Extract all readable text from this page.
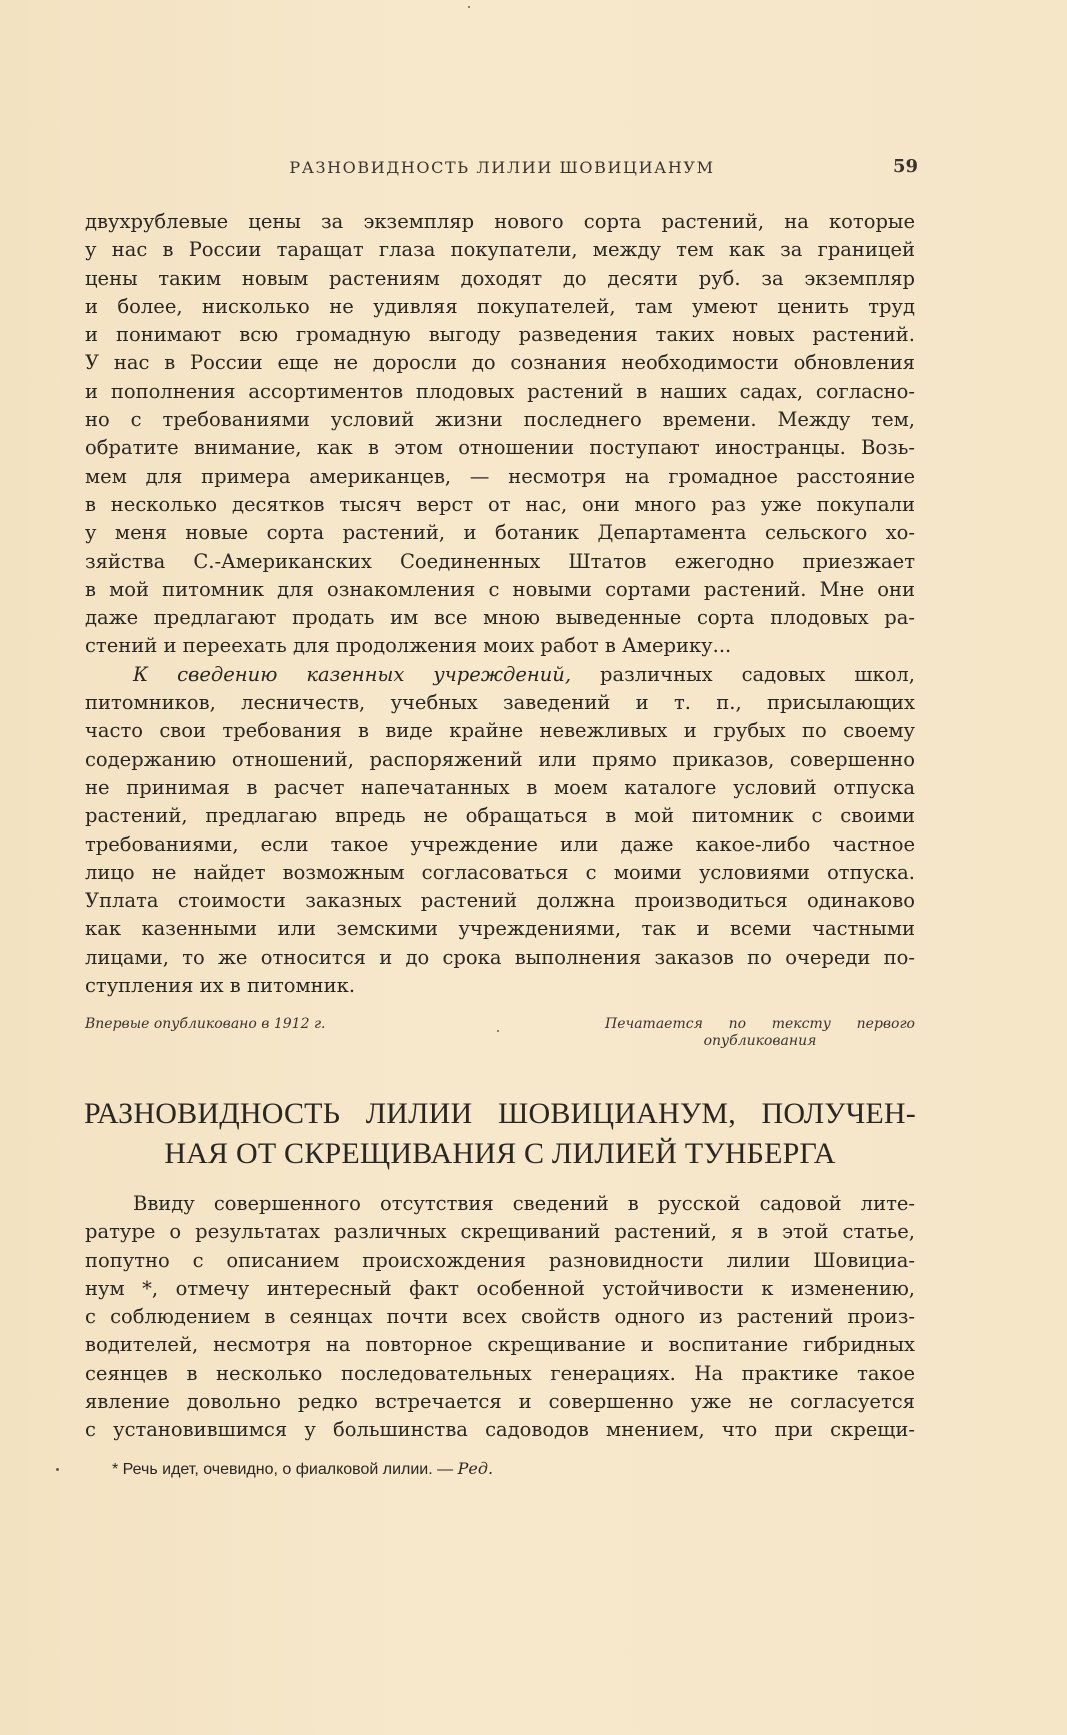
РАЗНОВИДНОСТЬ ЛИЛИИ ШОВИЦИАНУМ	59
двухрублевые цены за экземпляр нового сорта растений, на которые
у нас в России таращат глаза покупатели, между тем как за границей
цены таким новым растениям доходят до десяти руб. за экземпляр
и более, нисколько не удивляя покупателей, там умеют ценить труд
и понимают всю громадную выгоду разведения таких новых растений.
У нас в России еще не доросли до сознания необходимости обновления
и пополнения ассортиментов плодовых растений в наших садах, согласно-
но с требованиями условий жизни последнего времени. Между тем,
обратите внимание, как в этом отношении поступают иностранцы. Возь-
мем для примера американцев, — несмотря на громадное расстояние
в несколько десятков тысяч верст от нас, они много раз уже покупали
у меня новые сорта растений, и ботаник Департамента сельского хо-
зяйства С.-Американских Соединенных Штатов ежегодно приезжает
в мой питомник для ознакомления с новыми сортами растений. Мне они
даже предлагают продать им все мною выведенные сорта плодовых ра-
стений и переехать для продолжения моих работ в Америку...
К сведению казенных учреждений, различных садовых школ,
питомников, лесничеств, учебных заведений и т. п., присылающих
часто свои требования в виде крайне невежливых и грубых по своему
содержанию отношений, распоряжений или прямо приказов, совершенно
не принимая в расчет напечатанных в моем каталоге условий отпуска
растений, предлагаю впредь не обращаться в мой питомник с своими
требованиями, если такое учреждение или даже какое-либо частное
лицо не найдет возможным согласоваться с моими условиями отпуска.
Уплата стоимости заказных растений должна производиться одинаково
как казенными или земскими учреждениями, так и всеми частными
лицами, то же относится и до срока выполнения заказов по очереди по-
ступления их в питомник.
Впервые опубликовано в 1912 г.	Печатается по тексту первого опубликования
РАЗНОВИДНОСТЬ ЛИЛИИ ШОВИЦИАНУМ, ПОЛУЧЕН-
НАЯ ОТ СКРЕЩИВАНИЯ С ЛИЛИЕЙ ТУНБЕРГА
Ввиду совершенного отсутствия сведений в русской садовой лите-
ратуре о результатах различных скрещиваний растений, я в этой статье,
попутно с описанием происхождения разновидности лилии Шовициа-
нум *, отмечу интересный факт особенной устойчивости к изменению,
с соблюдением в сеянцах почти всех свойств одного из растений произ-
водителей, несмотря на повторное скрещивание и воспитание гибридных
сеянцев в несколько последовательных генерациях. На практике такое
явление довольно редко встречается и совершенно уже не согласуется
с установившимся у большинства садоводов мнением, что при скрещи-
* Речь идет, очевидно, о фиалковой лилии. — Ред.
